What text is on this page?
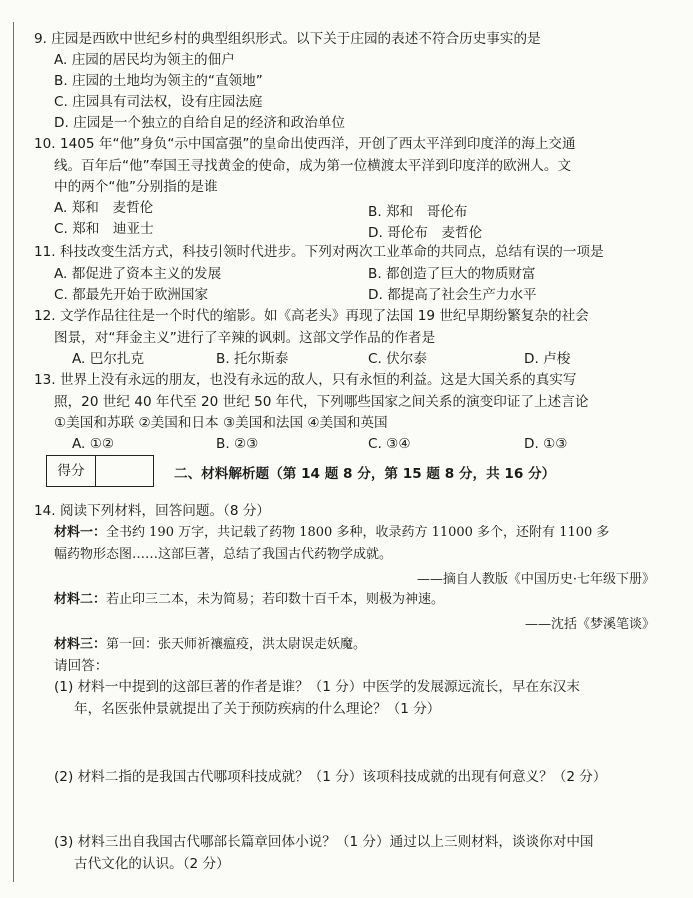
9. 庄园是西欧中世纪乡村的典型组织形式。以下关于庄园的表述不符合历史事实的是
A. 庄园的居民均为领主的佃户
B. 庄园的土地均为领主的“直领地”
C. 庄园具有司法权，设有庄园法庭
D. 庄园是一个独立的自给自足的经济和政治单位
10. 1405 年“他”身负“示中国富强”的皇命出使西洋，开创了西太平洋到印度洋的海上交通
线。百年后“他”奉国王寻找黄金的使命，成为第一位横渡太平洋到印度洋的欧洲人。文
中的两个“他”分别指的是谁
A. 郑和　麦哲伦	B. 郑和　哥伦布
C. 郑和　迪亚士	D. 哥伦布　麦哲伦
11. 科技改变生活方式，科技引领时代进步。下列对两次工业革命的共同点，总结有误的一项是
A. 都促进了资本主义的发展	B. 都创造了巨大的物质财富
C. 都最先开始于欧洲国家	D. 都提高了社会生产力水平
12. 文学作品往往是一个时代的缩影。如《高老头》再现了法国 19 世纪早期纷繁复杂的社会
图景，对“拜金主义”进行了辛辣的讽刺。这部文学作品的作者是
A. 巴尔扎克	B. 托尔斯泰	C. 伏尔泰	D. 卢梭
13. 世界上没有永远的朋友，也没有永远的敌人，只有永恒的利益。这是大国关系的真实写
照，20 世纪 40 年代至 20 世纪 50 年代，下列哪些国家之间关系的演变印证了上述言论
①美国和苏联 ②美国和日本 ③美国和法国 ④美国和英国
A. ①②	B. ②③	C. ③④	D. ①③
得分	二、材料解析题（第 14 题 8 分，第 15 题 8 分，共 16 分）
14. 阅读下列材料，回答问题。（8 分）
材料一：全书约 190 万字，共记载了药物 1800 多种，收录药方 11000 多个，还附有 1100 多
幅药物形态图……这部巨著，总结了我国古代药物学成就。
——摘自人教版《中国历史·七年级下册》
材料二：若止印三二本，未为简易；若印数十百千本，则极为神速。
——沈括《梦溪笔谈》
材料三：第一回：张天师祈禳瘟疫，洪太尉误走妖魔。
请回答：
(1) 材料一中提到的这部巨著的作者是谁？（1 分）中医学的发展源远流长，早在东汉末
年，名医张仲景就提出了关于预防疾病的什么理论？（1 分）
(2) 材料二指的是我国古代哪项科技成就？（1 分）该项科技成就的出现有何意义？（2 分）
(3) 材料三出自我国古代哪部长篇章回体小说？（1 分）通过以上三则材料，谈谈你对中国
古代文化的认识。（2 分）
